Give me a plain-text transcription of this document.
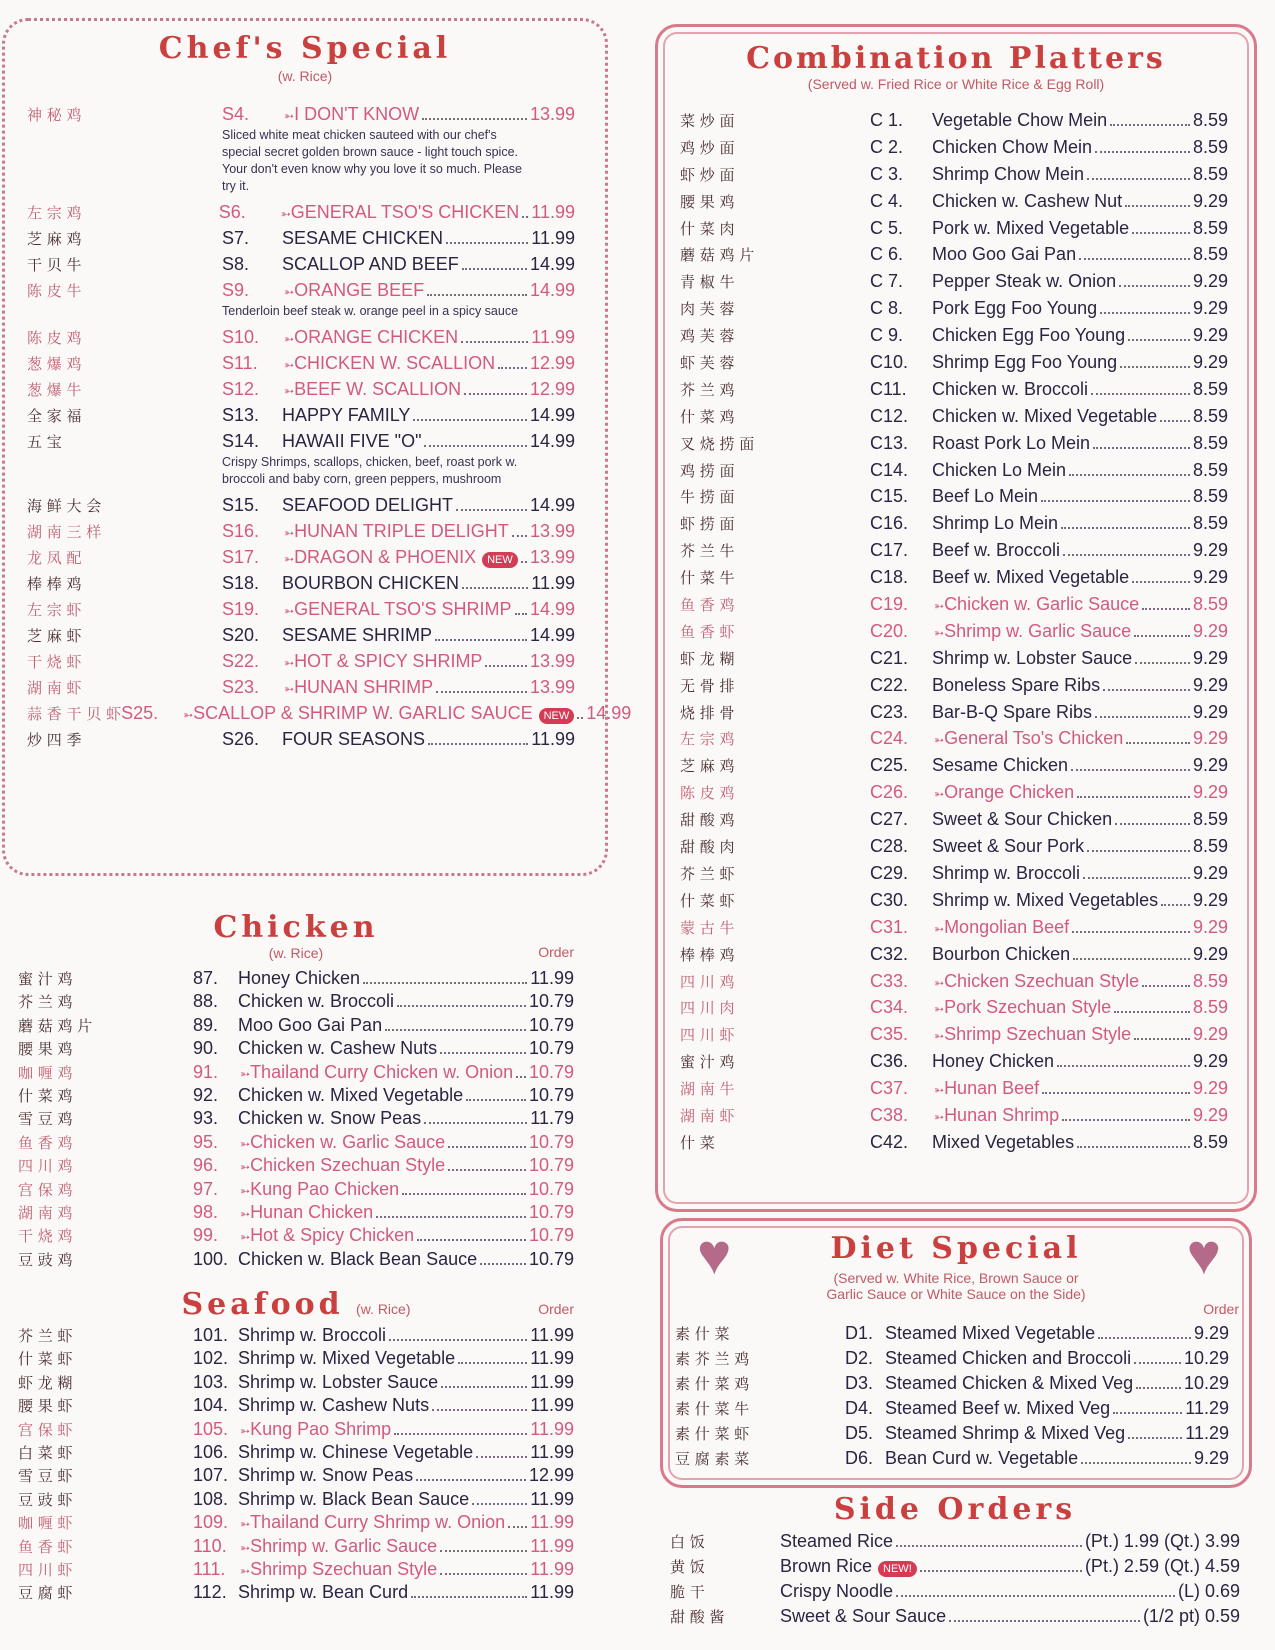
Chef's Special
(w. Rice)
神 秘 鸡	S4.	➳ I DON'T KNOW	13.99
Sliced white meat chicken sauteed with our chef's special secret golden brown sauce - light touch spice. Your don't even know why you love it so much. Please try it.
左 宗 鸡	S6.	➳ GENERAL TSO'S CHICKEN 11.99
芝 麻 鸡	S7.	SESAME CHICKEN	11.99
干 贝 牛	S8.	SCALLOP AND BEEF	14.99
陈 皮 牛	S9.	➳ ORANGE BEEF	14.99
Tenderloin beef steak w. orange peel in a spicy sauce
陈 皮 鸡	S10.	➳ ORANGE CHICKEN	11.99
葱 爆 鸡	S11.	➳ CHICKEN W. SCALLION 12.99
葱 爆 牛	S12.	➳ BEEF W. SCALLION	12.99
全 家 福	S13.	HAPPY FAMILY	14.99
五 宝	S14.	HAWAII FIVE "O"	14.99
Crispy Shrimps, scallops, chicken, beef, roast pork w. broccoli and baby corn, green peppers, mushroom
海 鲜 大 会	S15.	SEAFOOD DELIGHT	14.99
湖 南 三 样	S16.	➳ HUNAN TRIPLE DELIGHT 13.99
龙 凤 配	S17.	➳ DRAGON & PHOENIX	NEW 13.99
棒 棒 鸡	S18.	BOURBON CHICKEN	11.99
左 宗 虾	S19.	➳ GENERAL TSO'S SHRIMP 14.99
芝 麻 虾	S20.	SESAME SHRIMP	14.99
干 烧 虾	S22.	➳ HOT & SPICY SHRIMP	13.99
湖 南 虾	S23.	➳ HUNAN SHRIMP	13.99
蒜 香 干 贝 虾 S25.	➳ SCALLOP & SHRIMP W. GARLIC SAUCE	NEW 14.99
炒 四 季	S26.	FOUR SEASONS	11.99
Chicken
(w. Rice)	Order
蜜 汁 鸡	87.	Honey Chicken	11.99
芥 兰 鸡	88.	Chicken w. Broccoli	10.79
蘑 菇 鸡 片	89.	Moo Goo Gai Pan	10.79
腰 果 鸡	90.	Chicken w. Cashew Nuts	10.79
咖 喱 鸡	91.	➳ Thailand Curry Chicken w. Onion 10.79
什 菜 鸡	92.	Chicken w. Mixed Vegetable	10.79
雪 豆 鸡	93.	Chicken w. Snow Peas	11.79
鱼 香 鸡	95.	➳ Chicken w. Garlic Sauce	10.79
四 川 鸡	96.	➳ Chicken Szechuan Style	10.79
宫 保 鸡	97.	➳ Kung Pao Chicken	10.79
湖 南 鸡	98.	➳ Hunan Chicken	10.79
干 烧 鸡	99.	➳ Hot & Spicy Chicken	10.79
豆 豉 鸡	100. Chicken w. Black Bean Sauce	10.79
Seafood (w. Rice)	Order
芥 兰 虾	101. Shrimp w. Broccoli	11.99
什 菜 虾	102. Shrimp w. Mixed Vegetable	11.99
虾 龙 糊	103. Shrimp w. Lobster Sauce	11.99
腰 果 虾	104. Shrimp w. Cashew Nuts	11.99
宫 保 虾	105. ➳ Kung Pao Shrimp	11.99
白 菜 虾	106. Shrimp w. Chinese Vegetable	11.99
雪 豆 虾	107. Shrimp w. Snow Peas	12.99
豆 豉 虾	108. Shrimp w. Black Bean Sauce	11.99
咖 喱 虾	109. ➳ Thailand Curry Shrimp w. Onion 11.99
鱼 香 虾	110.	➳ Shrimp w. Garlic Sauce	11.99
四 川 虾	111.	➳ Shrimp Szechuan Style	11.99
豆 腐 虾	112. Shrimp w. Bean Curd	11.99
Combination Platters
(Served w. Fried Rice or White Rice & Egg Roll)
菜 炒 面	C 1.	Vegetable Chow Mein	8.59
鸡 炒 面	C 2.	Chicken Chow Mein	8.59
虾 炒 面	C 3.	Shrimp Chow Mein	8.59
腰 果 鸡	C 4.	Chicken w. Cashew Nut	9.29
什 菜 肉	C 5.	Pork w. Mixed Vegetable	8.59
蘑 菇 鸡 片	C 6.	Moo Goo Gai Pan	8.59
青 椒 牛	C 7.	Pepper Steak w. Onion	9.29
肉 芙 蓉	C 8.	Pork Egg Foo Young	9.29
鸡 芙 蓉	C 9.	Chicken Egg Foo Young	9.29
虾 芙 蓉	C10.	Shrimp Egg Foo Young	9.29
芥 兰 鸡	C11.	Chicken w. Broccoli	8.59
什 菜 鸡	C12.	Chicken w. Mixed Vegetable 8.59
叉 烧 捞 面	C13.	Roast Pork Lo Mein	8.59
鸡 捞 面	C14.	Chicken Lo Mein	8.59
牛 捞 面	C15.	Beef Lo Mein	8.59
虾 捞 面	C16.	Shrimp Lo Mein	8.59
芥 兰 牛	C17.	Beef w. Broccoli	9.29
什 菜 牛	C18.	Beef w. Mixed Vegetable	9.29
鱼 香 鸡	C19.	➳ Chicken w. Garlic Sauce	8.59
鱼 香 虾	C20.	➳ Shrimp w. Garlic Sauce	9.29
虾 龙 糊	C21.	Shrimp w. Lobster Sauce	9.29
无 骨 排	C22.	Boneless Spare Ribs	9.29
烧 排 骨	C23.	Bar-B-Q Spare Ribs	9.29
左 宗 鸡	C24.	➳ General Tso's Chicken	9.29
芝 麻 鸡	C25.	Sesame Chicken	9.29
陈 皮 鸡	C26.	➳ Orange Chicken	9.29
甜 酸 鸡	C27.	Sweet & Sour Chicken	8.59
甜 酸 肉	C28.	Sweet & Sour Pork	8.59
芥 兰 虾	C29.	Shrimp w. Broccoli	9.29
什 菜 虾	C30.	Shrimp w. Mixed Vegetables 9.29
蒙 古 牛	C31.	➳ Mongolian Beef	9.29
棒 棒 鸡	C32.	Bourbon Chicken	9.29
四 川 鸡	C33.	➳ Chicken Szechuan Style	8.59
四 川 肉	C34.	➳ Pork Szechuan Style	8.59
四 川 虾	C35.	➳ Shrimp Szechuan Style	9.29
蜜 汁 鸡	C36.	Honey Chicken	9.29
湖 南 牛	C37.	➳ Hunan Beef	9.29
湖 南 虾	C38.	➳ Hunan Shrimp	9.29
什 菜	C42.	Mixed Vegetables	8.59
♥	♥
Diet Special
(Served w. White Rice, Brown Sauce or
Garlic Sauce or White Sauce on the Side)
Order
素 什 菜	D1. Steamed Mixed Vegetable	9.29
素 芥 兰 鸡	D2. Steamed Chicken and Broccoli	10.29
素 什 菜 鸡	D3. Steamed Chicken & Mixed Veg	10.29
素 什 菜 牛	D4. Steamed Beef w. Mixed Veg	11.29
素 什 菜 虾	D5. Steamed Shrimp & Mixed Veg	11.29
豆 腐 素 菜	D6. Bean Curd w. Vegetable	9.29
Side Orders
白 饭	Steamed Rice	(Pt.) 1.99 (Qt.) 3.99
黄 饭	Brown Rice	NEW!	(Pt.) 2.59 (Qt.) 4.59
脆 干	Crispy Noodle	(L) 0.69
甜 酸 酱	Sweet & Sour Sauce	(1/2 pt) 0.59
